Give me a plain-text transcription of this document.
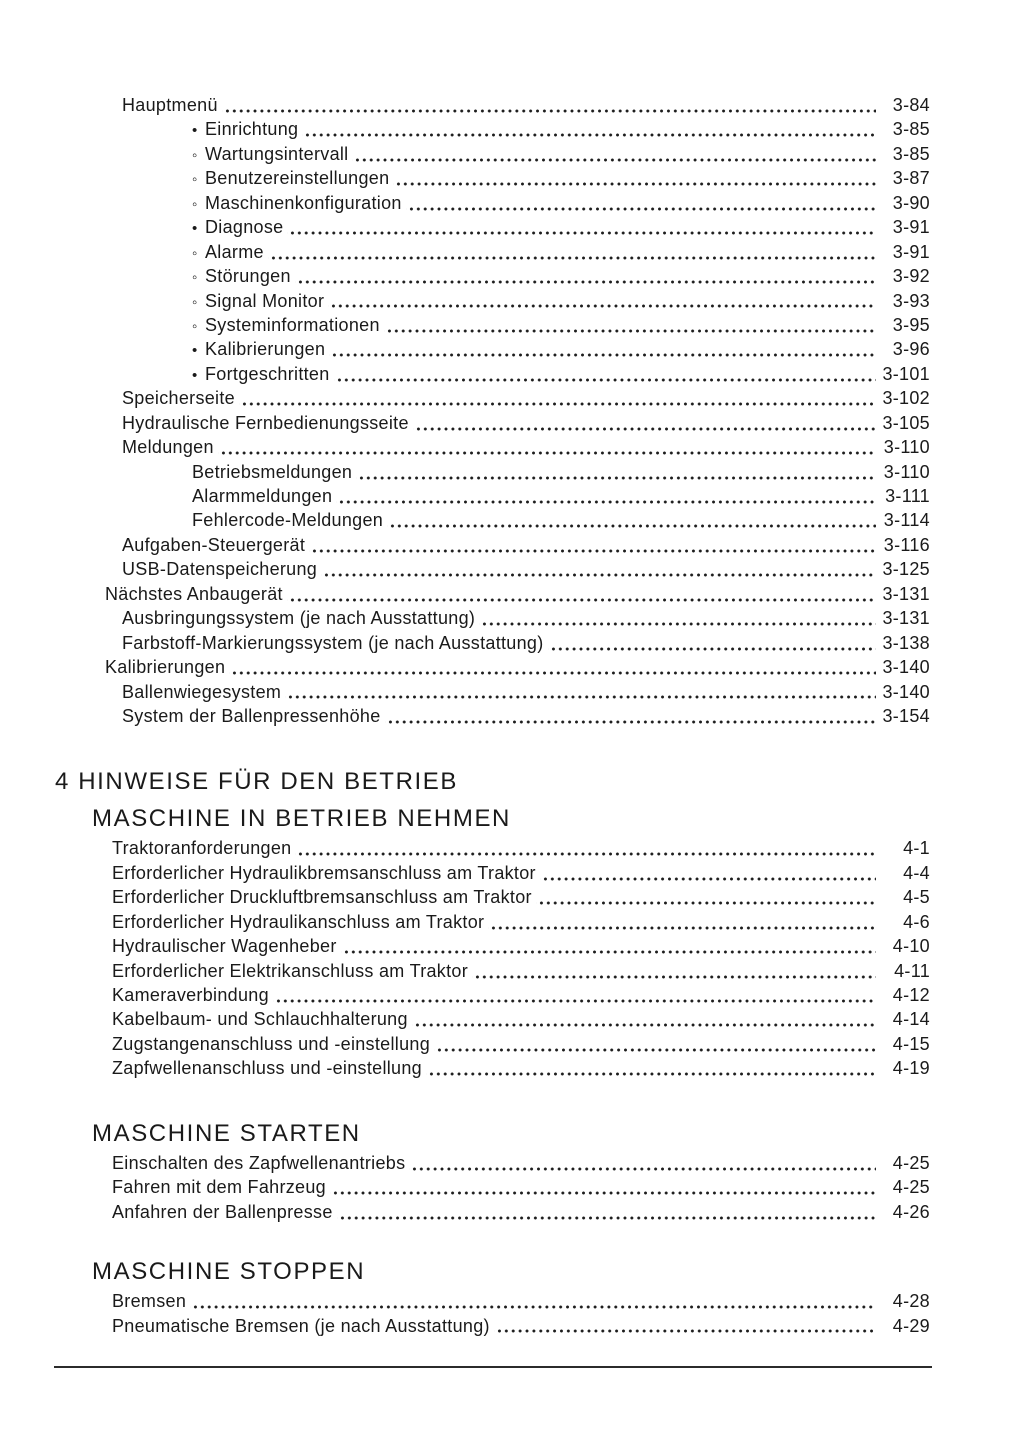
Hauptmenü	3-84
• Einrichtung	3-85
◦ Wartungsintervall	3-85
◦ Benutzereinstellungen	3-87
◦ Maschinenkonfiguration	3-90
• Diagnose	3-91
◦ Alarme	3-91
◦ Störungen	3-92
◦ Signal Monitor	3-93
◦ Systeminformationen	3-95
• Kalibrierungen	3-96
• Fortgeschritten	3-101
Speicherseite	3-102
Hydraulische Fernbedienungsseite	3-105
Meldungen	3-110
Betriebsmeldungen	3-110
Alarmmeldungen	3-111
Fehlercode-Meldungen	3-114
Aufgaben-Steuergerät	3-116
USB-Datenspeicherung	3-125
Nächstes Anbaugerät	3-131
Ausbringungssystem (je nach Ausstattung)	3-131
Farbstoff-Markierungssystem (je nach Ausstattung)	3-138
Kalibrierungen	3-140
Ballenwiegesystem	3-140
System der Ballenpressenhöhe	3-154
4 HINWEISE FÜR DEN BETRIEB
MASCHINE IN BETRIEB NEHMEN
Traktoranforderungen	4-1
Erforderlicher Hydraulikbremsanschluss am Traktor	4-4
Erforderlicher Druckluftbremsanschluss am Traktor	4-5
Erforderlicher Hydraulikanschluss am Traktor	4-6
Hydraulischer Wagenheber	4-10
Erforderlicher Elektrikanschluss am Traktor	4-11
Kameraverbindung	4-12
Kabelbaum- und Schlauchhalterung	4-14
Zugstangenanschluss und -einstellung	4-15
Zapfwellenanschluss und -einstellung	4-19
MASCHINE STARTEN
Einschalten des Zapfwellenantriebs	4-25
Fahren mit dem Fahrzeug	4-25
Anfahren der Ballenpresse	4-26
MASCHINE STOPPEN
Bremsen	4-28
Pneumatische Bremsen (je nach Ausstattung)	4-29
